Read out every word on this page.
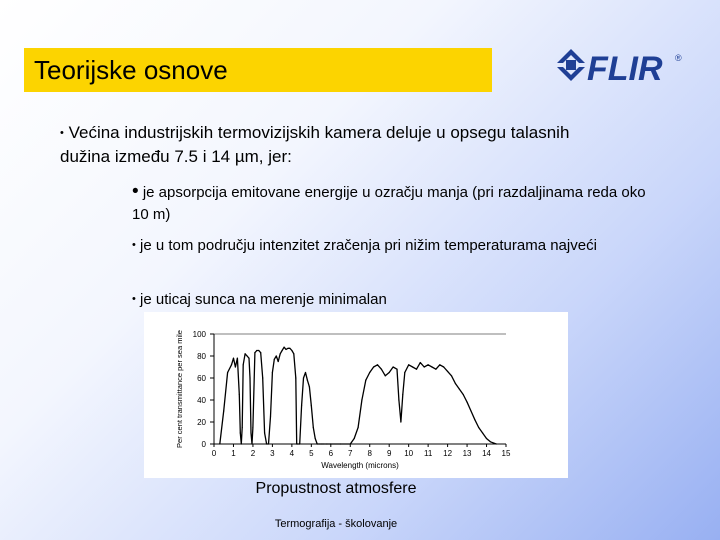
Teorijske osnove	FLIR ®
• Većina industrijskih termovizijskih kamera deluje u opsegu talasnih dužina između 7.5 i 14 µm, jer:
• je apsorpcija emitovane energije u ozračju manja (pri razdaljinama reda oko 10 m)
• je u tom području intenzitet zračenja pri nižim temperaturama najveći
• je uticaj sunca na merenje minimalan
0
20
40
60
80
100
0 1 2 3 4 5 6 7 8 9 10 11 12 13 14 15
Wavelength (microns)
Per cent transmittance per sea mile
Propustnost atmosfere
Termografija - školovanje
